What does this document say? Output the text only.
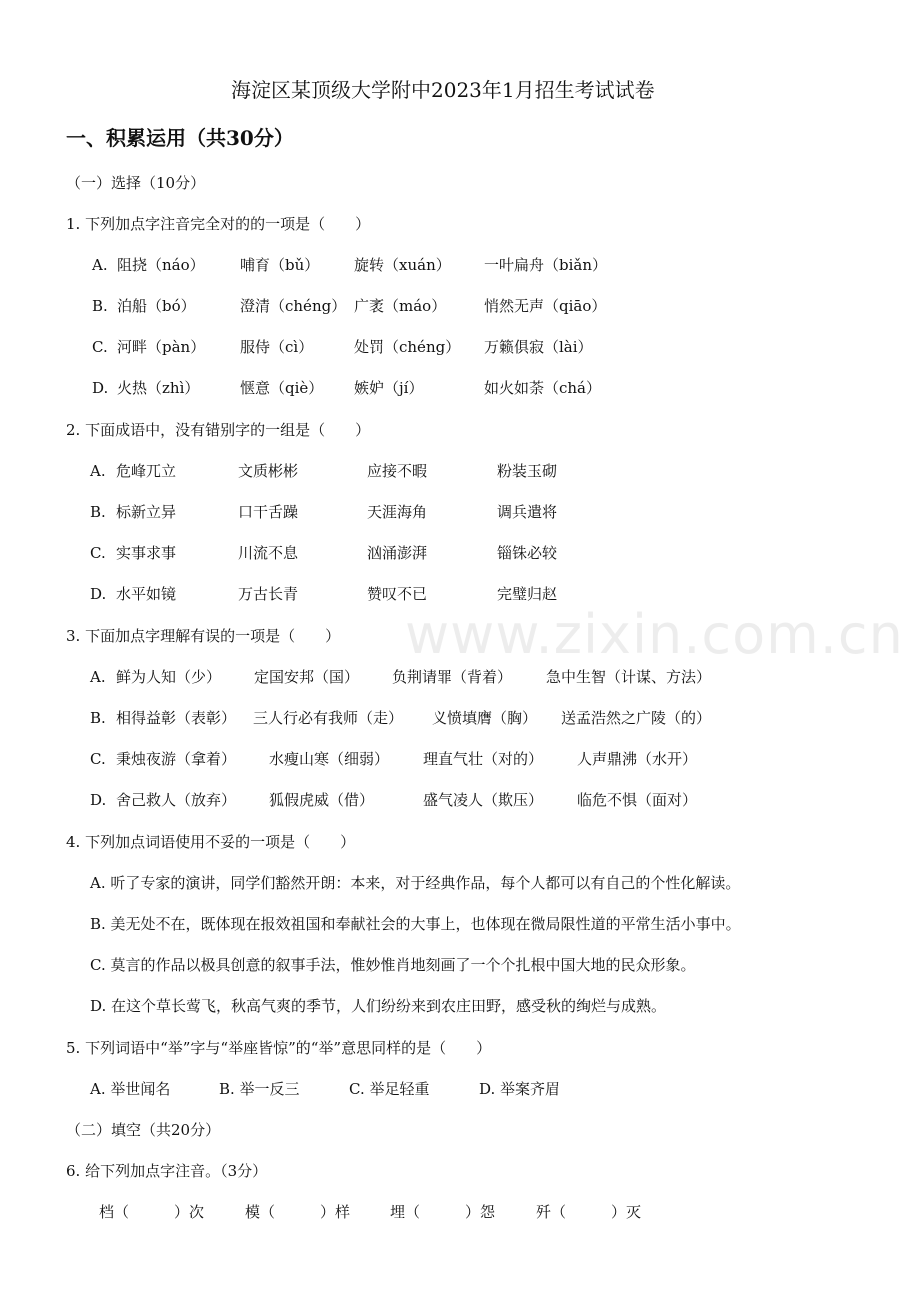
www.zixin.com.cn
海淀区某顶级大学附中2023年1月招生考试试卷
一、积累运用（共30分）
（一）选择（10分）
1. 下列加点字注音完全对的的一项是（　　）
A. 阻挠（náo） 哺育（bǔ） 旋转（xuán） 一叶扁舟（biǎn）
B. 泊船（bó）	澄清（chéng） 广袤（máo）	悄然无声（qiāo）
C. 河畔（pàn） 服侍（cì）	处罚（chéng） 万籁俱寂（lài）
D. 火热（zhì）	惬意（qiè） 嫉妒（jí）	如火如荼（chá）
2. 下面成语中，没有错别字的一组是（　　）
A. 危峰兀立	文质彬彬	应接不暇	粉装玉砌
B. 标新立异	口干舌躁	天涯海角	调兵遣将
C. 实事求事	川流不息	汹涌澎湃	锱铢必较
D. 水平如镜	万古长青	赞叹不已	完璧归赵
3. 下面加点字理解有误的一项是（　　）
A. 鲜为人知（少） 定国安邦（国） 负荆请罪（背着） 急中生智（计谋、方法）
B. 相得益彰（表彰） 三人行必有我师（走） 义愤填膺（胸） 送孟浩然之广陵（的）
C. 秉烛夜游（拿着） 水瘦山寒（细弱） 理直气壮（对的） 人声鼎沸（水开）
D. 舍己救人（放弃） 狐假虎威（借）	盛气凌人（欺压） 临危不惧（面对）
4. 下列加点词语使用不妥的一项是（　　）
A. 听了专家的演讲，同学们豁然开朗：本来，对于经典作品，每个人都可以有自己的个性化解读。
B. 美无处不在，既体现在报效祖国和奉献社会的大事上，也体现在微局限性道的平常生活小事中。
C. 莫言的作品以极具创意的叙事手法，惟妙惟肖地刻画了一个个扎根中国大地的民众形象。
D. 在这个草长莺飞，秋高气爽的季节，人们纷纷来到农庄田野，感受秋的绚烂与成熟。
5. 下列词语中“举”字与“举座皆惊”的“举”意思同样的是（　　）
A. 举世闻名	B. 举一反三	C. 举足轻重	D. 举案齐眉
（二）填空（共20分）
6. 给下列加点字注音。（3分）
档（　　　）次	模（　　　）样	埋（　　　）怨	歼（　　　）灭
